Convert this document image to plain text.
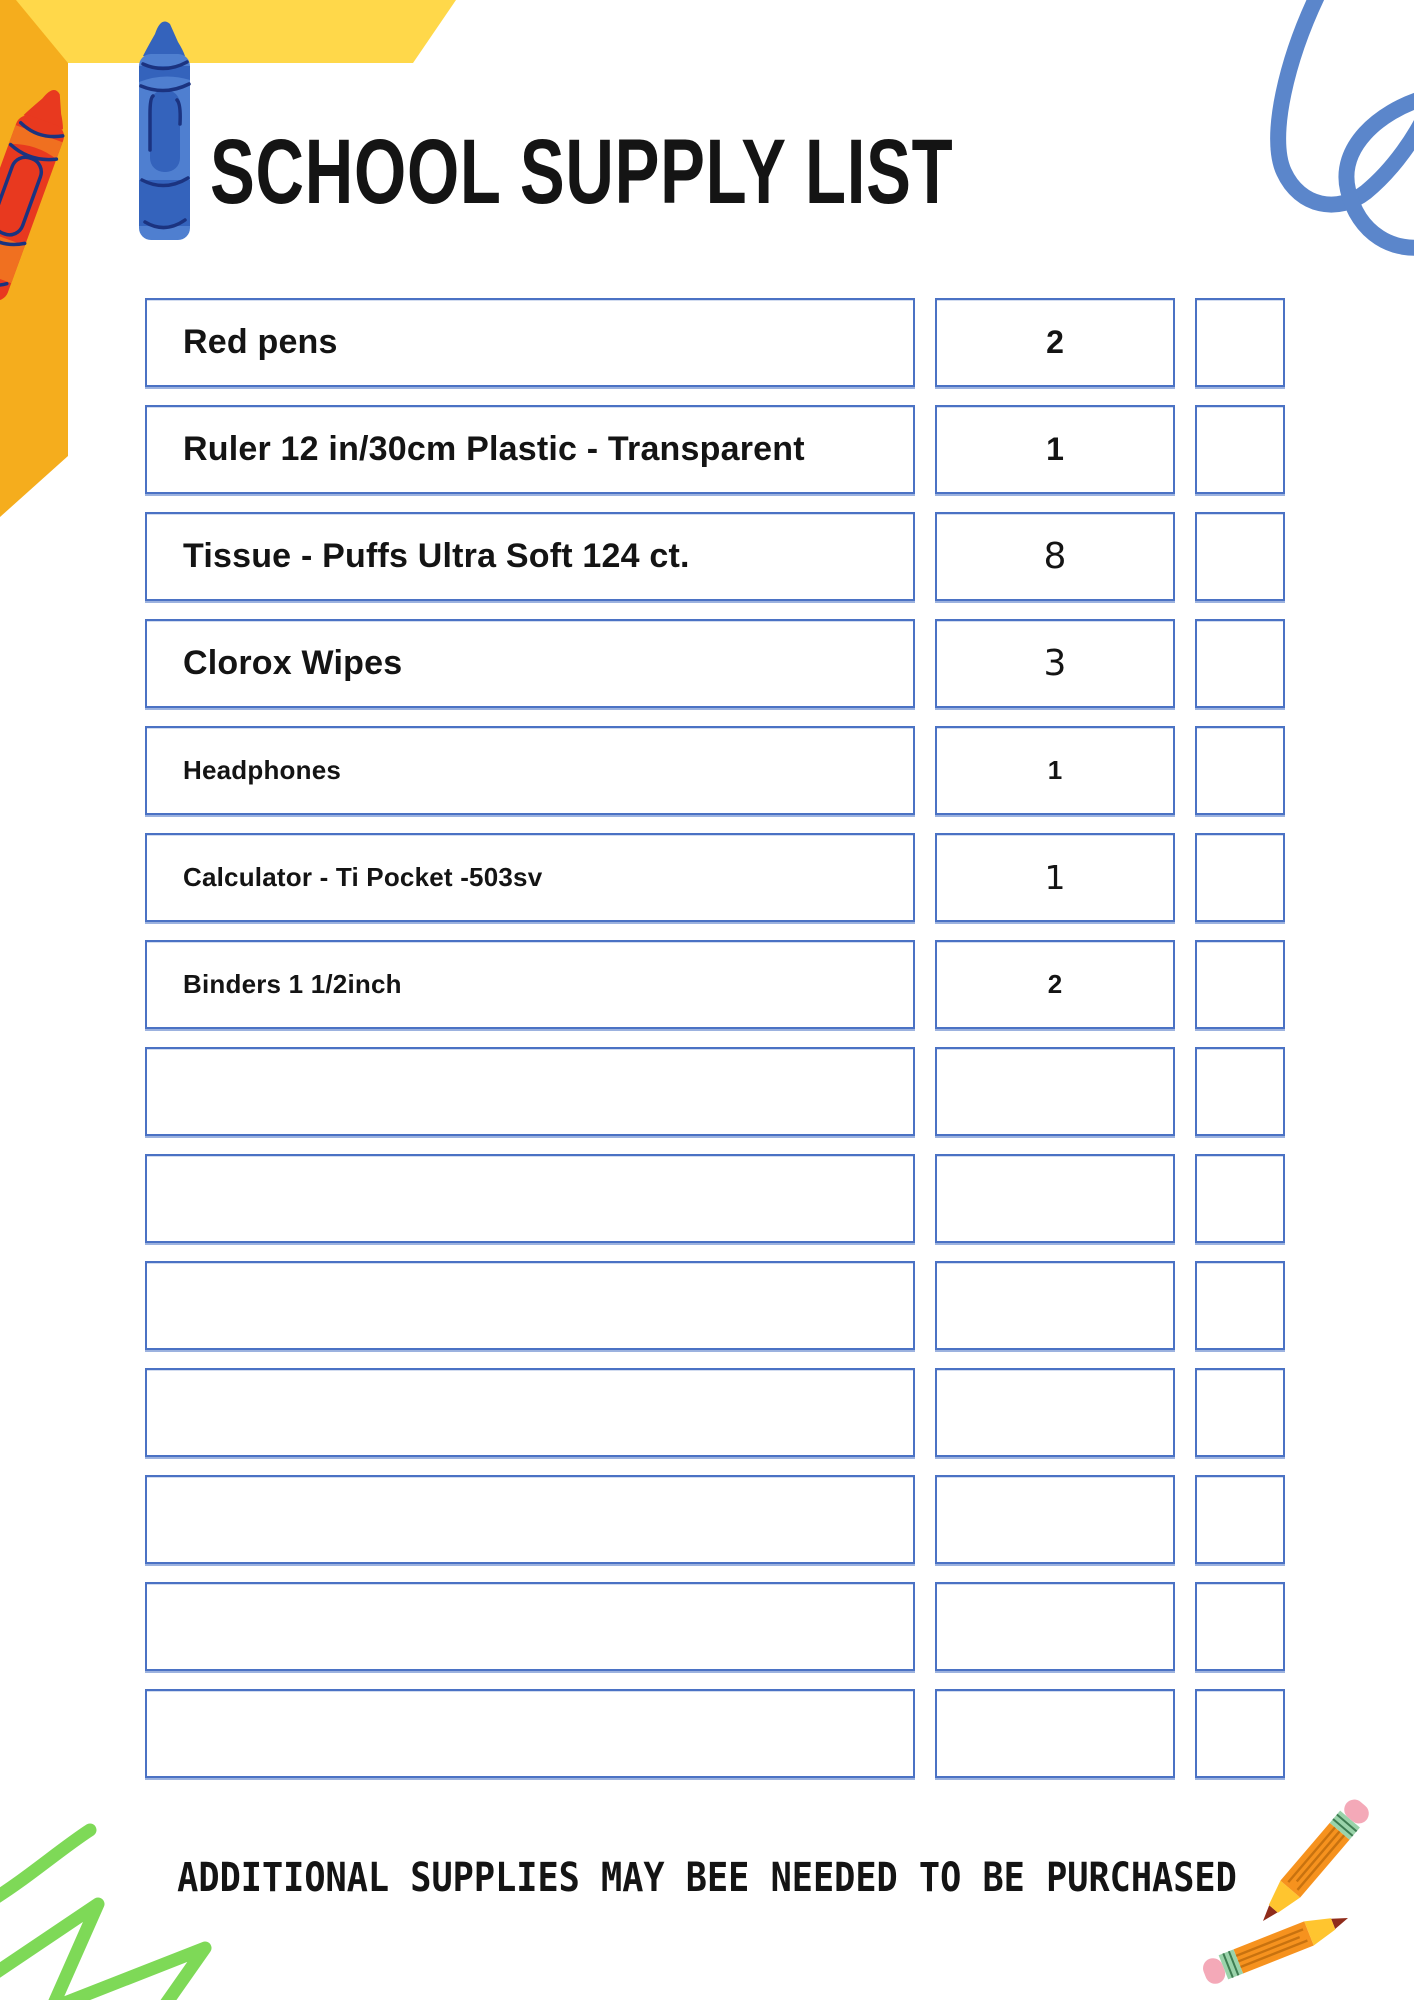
SCHOOL SUPPLY LIST
Red pens	2
Ruler 12 in/30cm Plastic - Transparent	1
Tissue - Puffs Ultra Soft 124 ct.	8
Clorox Wipes	3
Headphones	1
Calculator - Ti Pocket -503sv	1
Binders 1 1/2inch	2
ADDITIONAL SUPPLIES MAY BEE NEEDED TO BE PURCHASED
